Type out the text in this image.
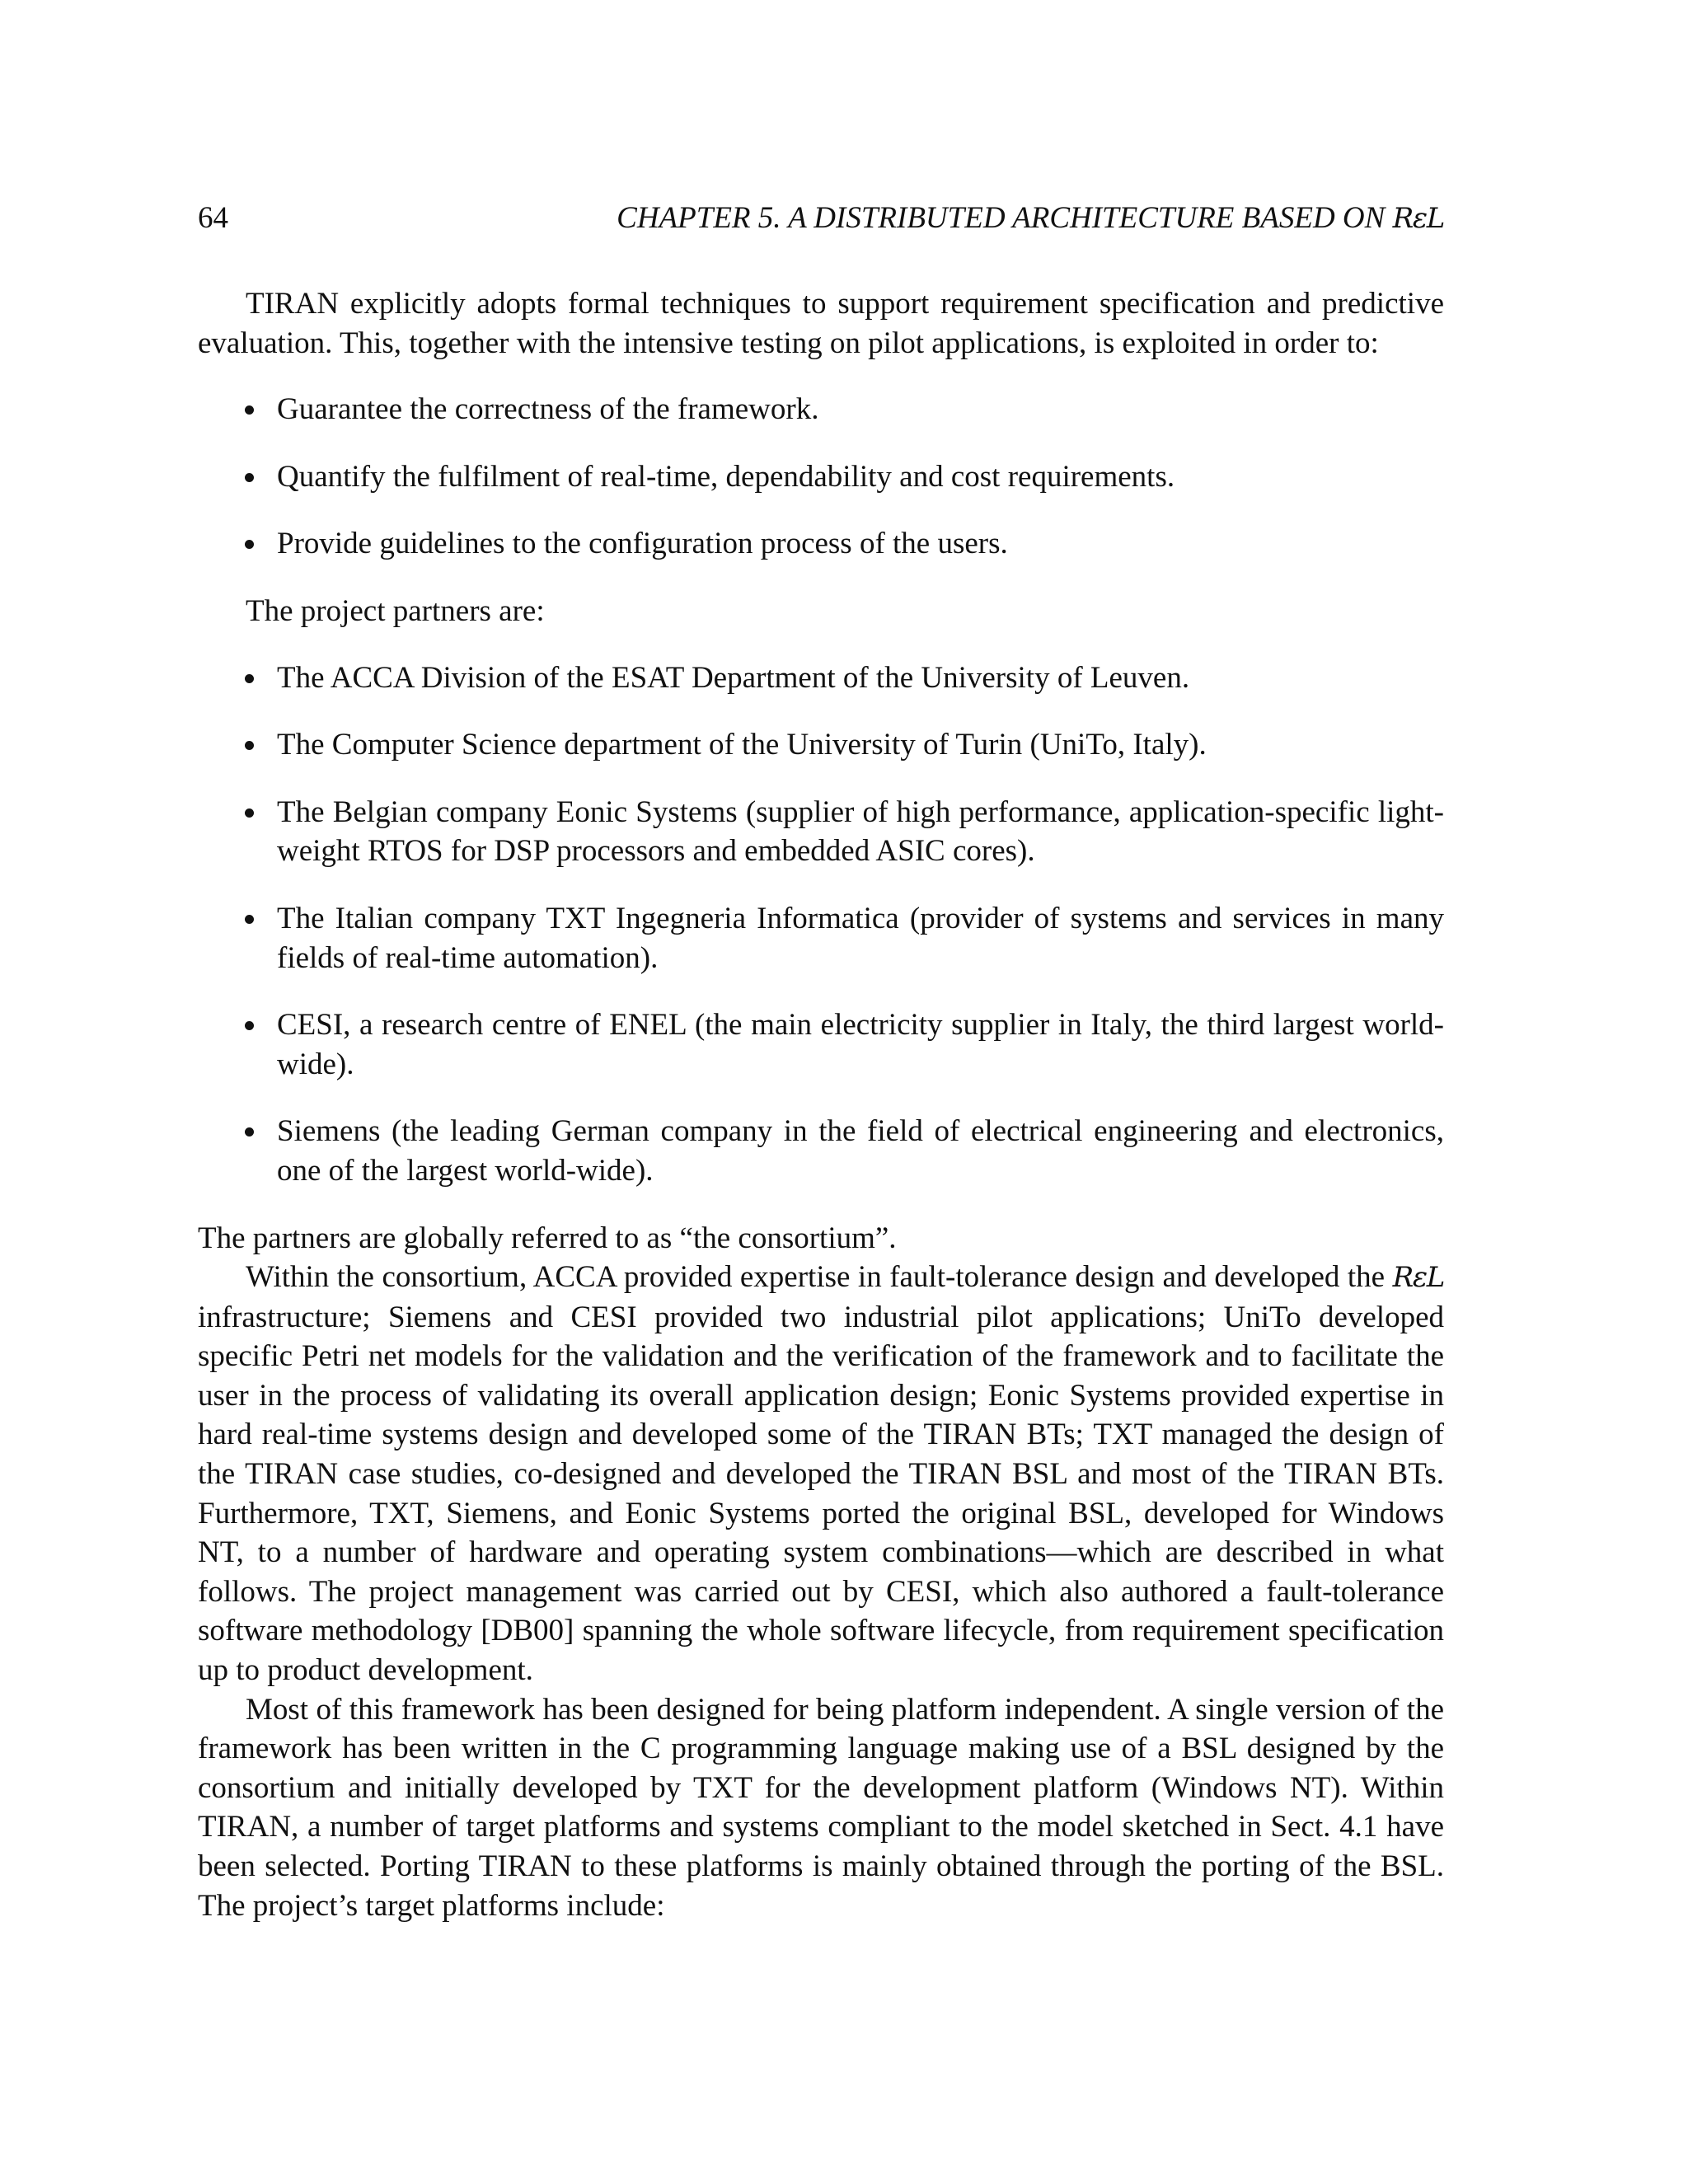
64	CHAPTER 5. A DISTRIBUTED ARCHITECTURE BASED ON RεL

TIRAN explicitly adopts formal techniques to support requirement specification and predictive evaluation. This, together with the intensive testing on pilot applications, is exploited in order to:

Guarantee the correctness of the framework.
Quantify the fulfilment of real-time, dependability and cost requirements.
Provide guidelines to the configuration process of the users.

The project partners are:

The ACCA Division of the ESAT Department of the University of Leuven.
The Computer Science department of the University of Turin (UniTo, Italy).
The Belgian company Eonic Systems (supplier of high performance, application-specific light-weight RTOS for DSP processors and embedded ASIC cores).
The Italian company TXT Ingegneria Informatica (provider of systems and services in many fields of real-time automation).
CESI, a research centre of ENEL (the main electricity supplier in Italy, the third largest world-wide).
Siemens (the leading German company in the field of electrical engineering and electronics, one of the largest world-wide).

The partners are globally referred to as “the consortium”.

Within the consortium, ACCA provided expertise in fault-tolerance design and developed the RεL infrastructure; Siemens and CESI provided two industrial pilot applications; UniTo developed specific Petri net models for the validation and the verification of the framework and to facilitate the user in the process of validating its overall application design; Eonic Systems provided expertise in hard real-time systems design and developed some of the TIRAN BTs; TXT managed the design of the TIRAN case studies, co-designed and developed the TIRAN BSL and most of the TIRAN BTs. Furthermore, TXT, Siemens, and Eonic Systems ported the original BSL, developed for Windows NT, to a number of hardware and operating system combinations—which are described in what follows. The project management was carried out by CESI, which also authored a fault-tolerance software methodology [DB00] spanning the whole software lifecycle, from requirement specification up to product development.

Most of this framework has been designed for being platform independent. A single version of the framework has been written in the C programming language making use of a BSL designed by the consortium and initially developed by TXT for the development platform (Windows NT). Within TIRAN, a number of target platforms and systems compliant to the model sketched in Sect. 4.1 have been selected. Porting TIRAN to these platforms is mainly obtained through the porting of the BSL. The project’s target platforms include:
